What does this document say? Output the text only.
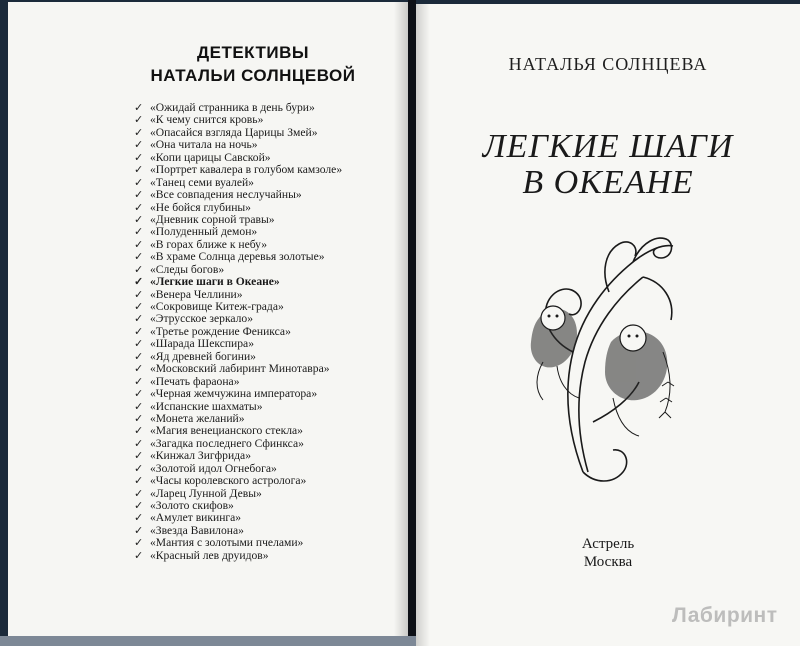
ДЕТЕКТИВЫ
НАТАЛЬИ СОЛНЦЕВОЙ
✓ «Ожидай странника в день бури»
✓ «К чему снится кровь»
✓ «Опасайся взгляда Царицы Змей»
✓ «Она читала на ночь»
✓ «Копи царицы Савской»
✓ «Портрет кавалера в голубом камзоле»
✓ «Танец семи вуалей»
✓ «Все совпадения неслучайны»
✓ «Не бойся глубины»
✓ «Дневник сорной травы»
✓ «Полуденный демон»
✓ «В горах ближе к небу»
✓ «В храме Солнца деревья золотые»
✓ «Следы богов»
✓ «Легкие шаги в Океане»
✓ «Венера Челлини»
✓ «Сокровище Китеж-града»
✓ «Этрусское зеркало»
✓ «Третье рождение Феникса»
✓ «Шарада Шекспира»
✓ «Яд древней богини»
✓ «Московский лабиринт Минотавра»
✓ «Печать фараона»
✓ «Черная жемчужина императора»
✓ «Испанские шахматы»
✓ «Монета желаний»
✓ «Магия венецианского стекла»
✓ «Загадка последнего Сфинкса»
✓ «Кинжал Зигфрида»
✓ «Золотой идол Огнебога»
✓ «Часы королевского астролога»
✓ «Ларец Лунной Девы»
✓ «Золото скифов»
✓ «Амулет викинга»
✓ «Звезда Вавилона»
✓ «Мантия с золотыми пчелами»
✓ «Красный лев друидов»
НАТАЛЬЯ СОЛНЦЕВА
ЛЕГКИЕ ШАГИ
В ОКЕАНЕ
Астрель
Москва
Лабиринт
